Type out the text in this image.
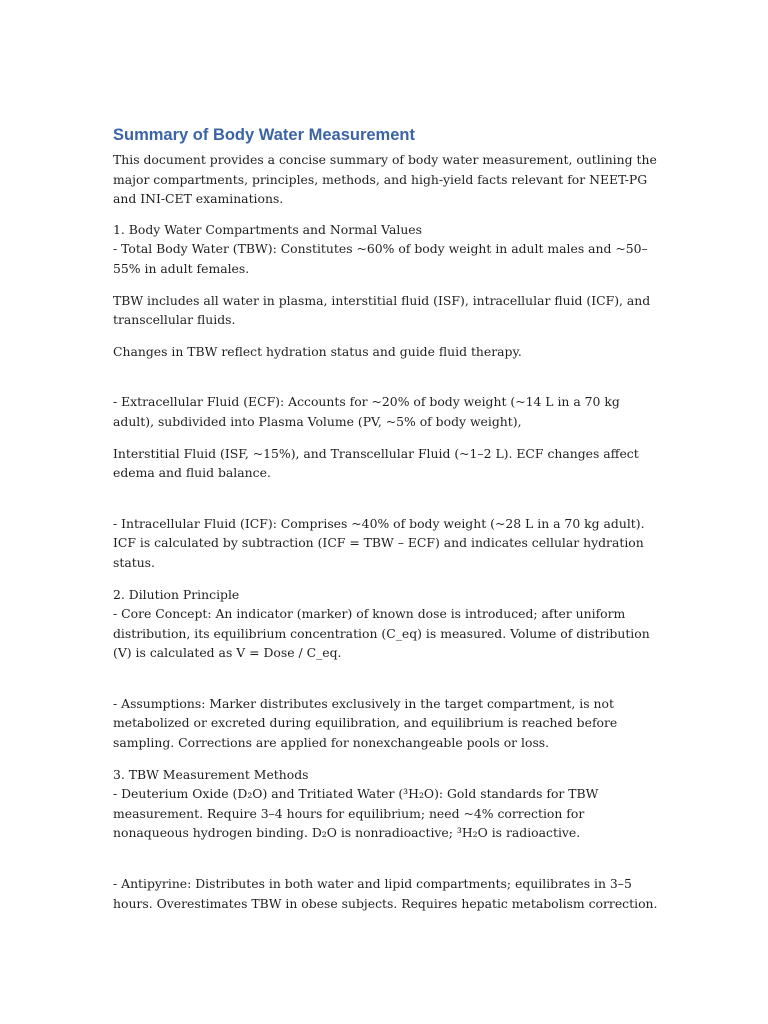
Summary of Body Water Measurement

This document provides a concise summary of body water measurement, outlining the major compartments, principles, methods, and high-yield facts relevant for NEET-PG and INI-CET examinations.

1. Body Water Compartments and Normal Values

- Total Body Water (TBW): Constitutes ~60% of body weight in adult males and ~50–55% in adult females.

TBW includes all water in plasma, interstitial fluid (ISF), intracellular fluid (ICF), and transcellular fluids.

Changes in TBW reflect hydration status and guide fluid therapy.

- Extracellular Fluid (ECF): Accounts for ~20% of body weight (~14 L in a 70 kg adult), subdivided into Plasma Volume (PV, ~5% of body weight),

Interstitial Fluid (ISF, ~15%), and Transcellular Fluid (~1–2 L). ECF changes affect edema and fluid balance.

- Intracellular Fluid (ICF): Comprises ~40% of body weight (~28 L in a 70 kg adult). ICF is calculated by subtraction (ICF = TBW – ECF) and indicates cellular hydration status.

2. Dilution Principle

- Core Concept: An indicator (marker) of known dose is introduced; after uniform distribution, its equilibrium concentration (C_eq) is measured. Volume of distribution (V) is calculated as V = Dose / C_eq.

- Assumptions: Marker distributes exclusively in the target compartment, is not metabolized or excreted during equilibration, and equilibrium is reached before sampling. Corrections are applied for nonexchangeable pools or loss.

3. TBW Measurement Methods

- Deuterium Oxide (D₂O) and Tritiated Water (³H₂O): Gold standards for TBW measurement. Require 3–4 hours for equilibrium; need ~4% correction for nonaqueous hydrogen binding. D₂O is nonradioactive; ³H₂O is radioactive.

- Antipyrine: Distributes in both water and lipid compartments; equilibrates in 3–5 hours. Overestimates TBW in obese subjects. Requires hepatic metabolism correction.
